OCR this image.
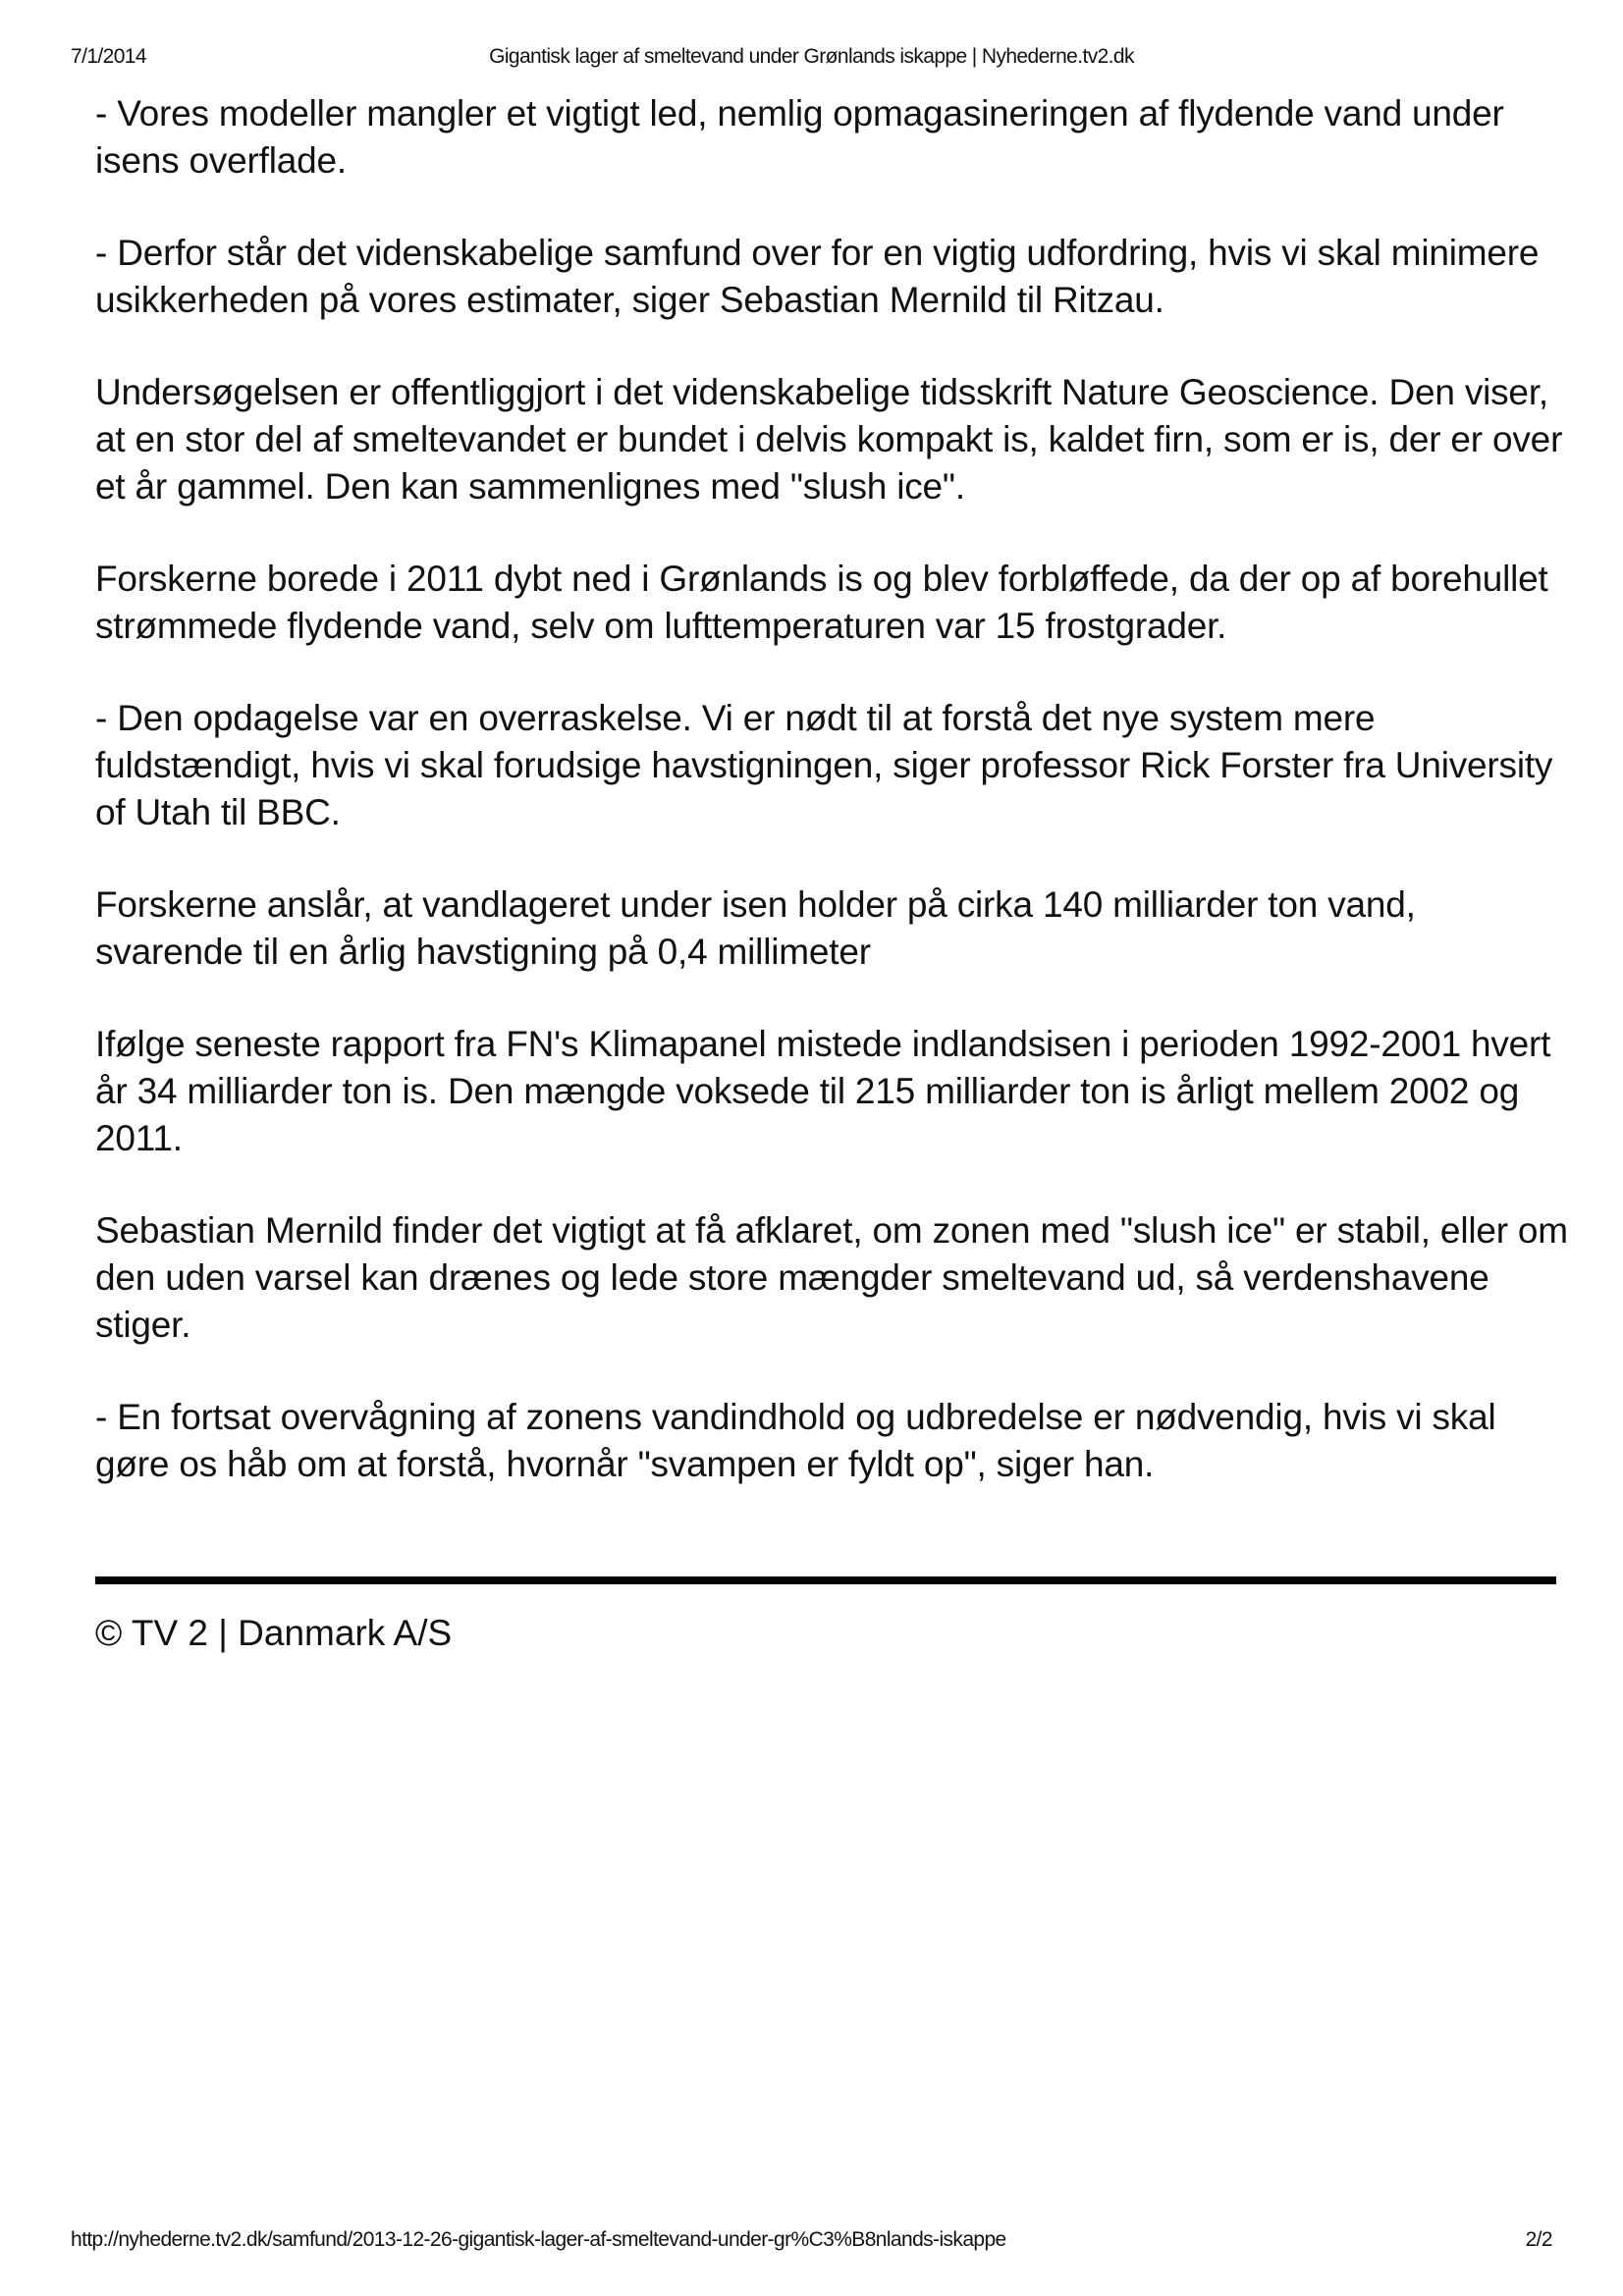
7/1/2014	Gigantisk lager af smeltevand under Grønlands iskappe | Nyhederne.tv2.dk

- Vores modeller mangler et vigtigt led, nemlig opmagasineringen af flydende vand under isens overflade.

- Derfor står det videnskabelige samfund over for en vigtig udfordring, hvis vi skal minimere usikkerheden på vores estimater, siger Sebastian Mernild til Ritzau.

Undersøgelsen er offentliggjort i det videnskabelige tidsskrift Nature Geoscience. Den viser, at en stor del af smeltevandet er bundet i delvis kompakt is, kaldet firn, som er is, der er over et år gammel. Den kan sammenlignes med "slush ice".

Forskerne borede i 2011 dybt ned i Grønlands is og blev forbløffede, da der op af borehullet strømmede flydende vand, selv om lufttemperaturen var 15 frostgrader.

- Den opdagelse var en overraskelse. Vi er nødt til at forstå det nye system mere fuldstændigt, hvis vi skal forudsige havstigningen, siger professor Rick Forster fra University of Utah til BBC.

Forskerne anslår, at vandlageret under isen holder på cirka 140 milliarder ton vand, svarende til en årlig havstigning på 0,4 millimeter

Ifølge seneste rapport fra FN's Klimapanel mistede indlandsisen i perioden 1992-2001 hvert år 34 milliarder ton is. Den mængde voksede til 215 milliarder ton is årligt mellem 2002 og 2011.

Sebastian Mernild finder det vigtigt at få afklaret, om zonen med "slush ice" er stabil, eller om den uden varsel kan drænes og lede store mængder smeltevand ud, så verdenshavene stiger.

- En fortsat overvågning af zonens vandindhold og udbredelse er nødvendig, hvis vi skal gøre os håb om at forstå, hvornår "svampen er fyldt op", siger han.

© TV 2 | Danmark A/S
http://nyhederne.tv2.dk/samfund/2013-12-26-gigantisk-lager-af-smeltevand-under-gr%C3%B8nlands-iskappe	2/2
